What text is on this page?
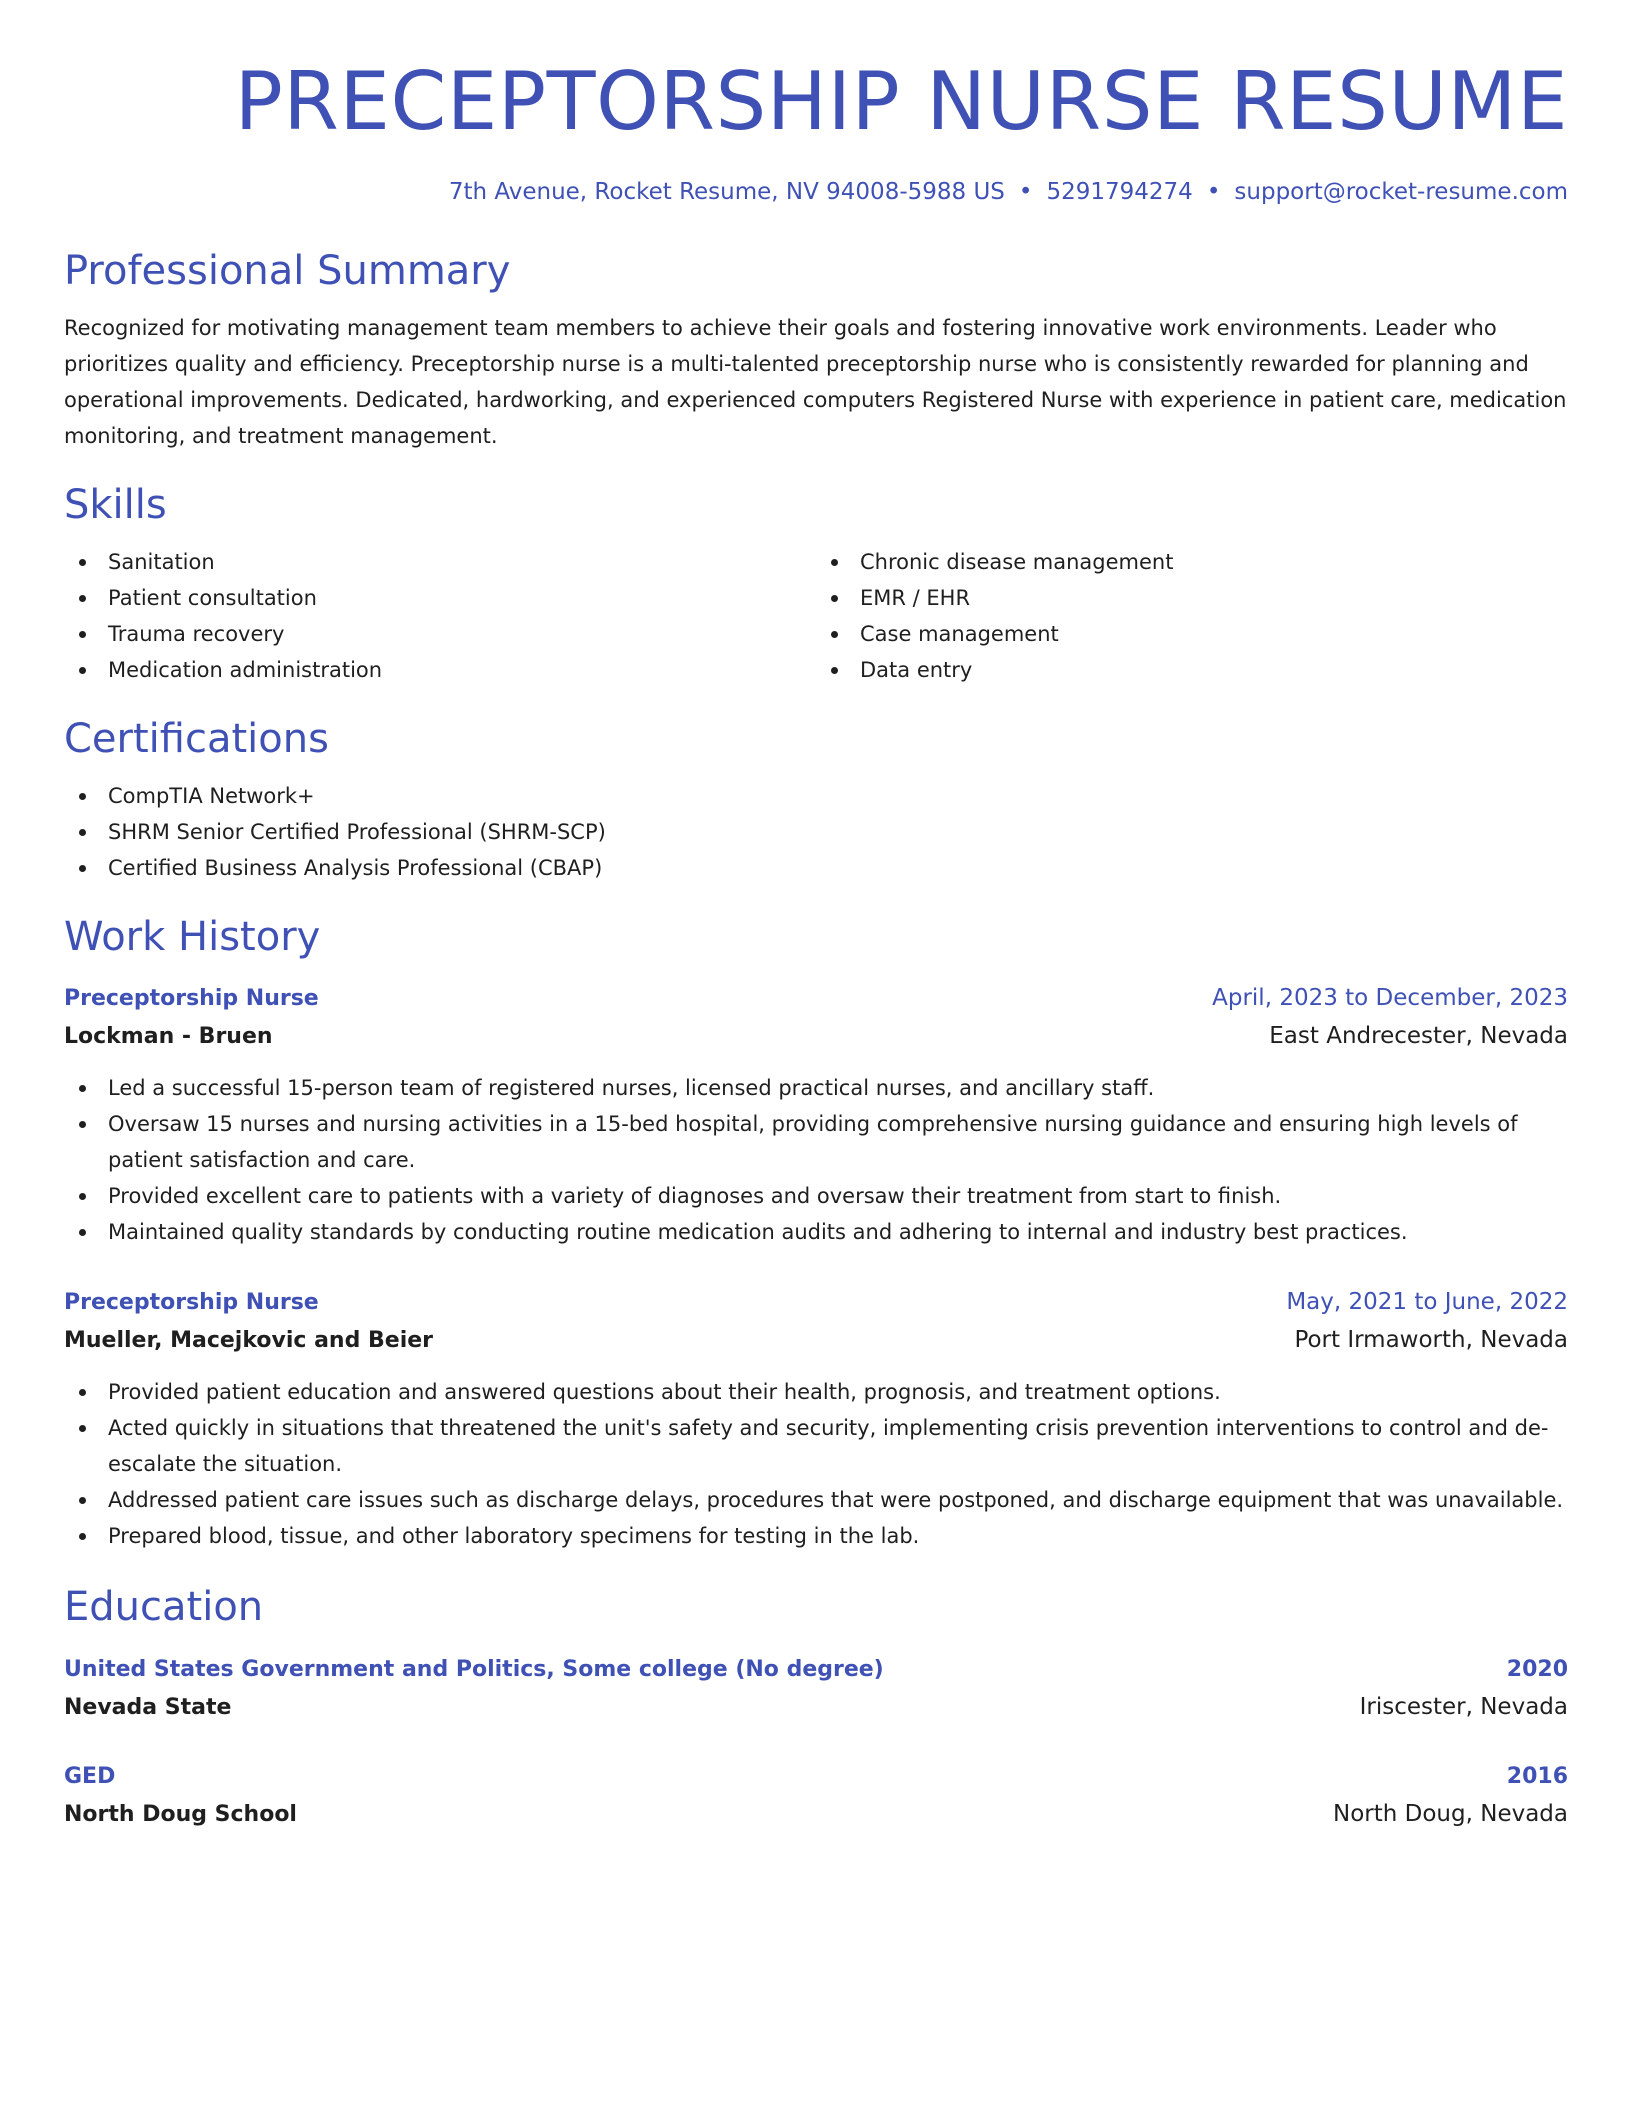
PRECEPTORSHIP NURSE RESUME
7th Avenue, Rocket Resume, NV 94008-5988 US • 5291794274 • support@rocket-resume.com
Professional Summary

Recognized for motivating management team members to achieve their goals and fostering innovative work environments. Leader who prioritizes quality and efficiency. Preceptorship nurse is a multi-talented preceptorship nurse who is consistently rewarded for planning and operational improvements. Dedicated, hardworking, and experienced computers Registered Nurse with experience in patient care, medication monitoring, and treatment management.

Skills
Sanitation
Patient consultation
Trauma recovery
Medication administration
Chronic disease management
EMR / EHR
Case management
Data entry
Certifications
CompTIA Network+
SHRM Senior Certified Professional (SHRM-SCP)
Certified Business Analysis Professional (CBAP)
Work History
Preceptorship Nurse	April, 2023 to December, 2023
Lockman - Bruen	East Andrecester, Nevada
Led a successful 15-person team of registered nurses, licensed practical nurses, and ancillary staff.
Oversaw 15 nurses and nursing activities in a 15-bed hospital, providing comprehensive nursing guidance and ensuring high levels of patient satisfaction and care.
Provided excellent care to patients with a variety of diagnoses and oversaw their treatment from start to finish.
Maintained quality standards by conducting routine medication audits and adhering to internal and industry best practices.
Preceptorship Nurse	May, 2021 to June, 2022
Mueller, Macejkovic and Beier	Port Irmaworth, Nevada
Provided patient education and answered questions about their health, prognosis, and treatment options.
Acted quickly in situations that threatened the unit's safety and security, implementing crisis prevention interventions to control and de-escalate the situation.
Addressed patient care issues such as discharge delays, procedures that were postponed, and discharge equipment that was unavailable.
Prepared blood, tissue, and other laboratory specimens for testing in the lab.
Education
United States Government and Politics, Some college (No degree)	2020
Nevada State	Iriscester, Nevada
GED	2016
North Doug School	North Doug, Nevada
